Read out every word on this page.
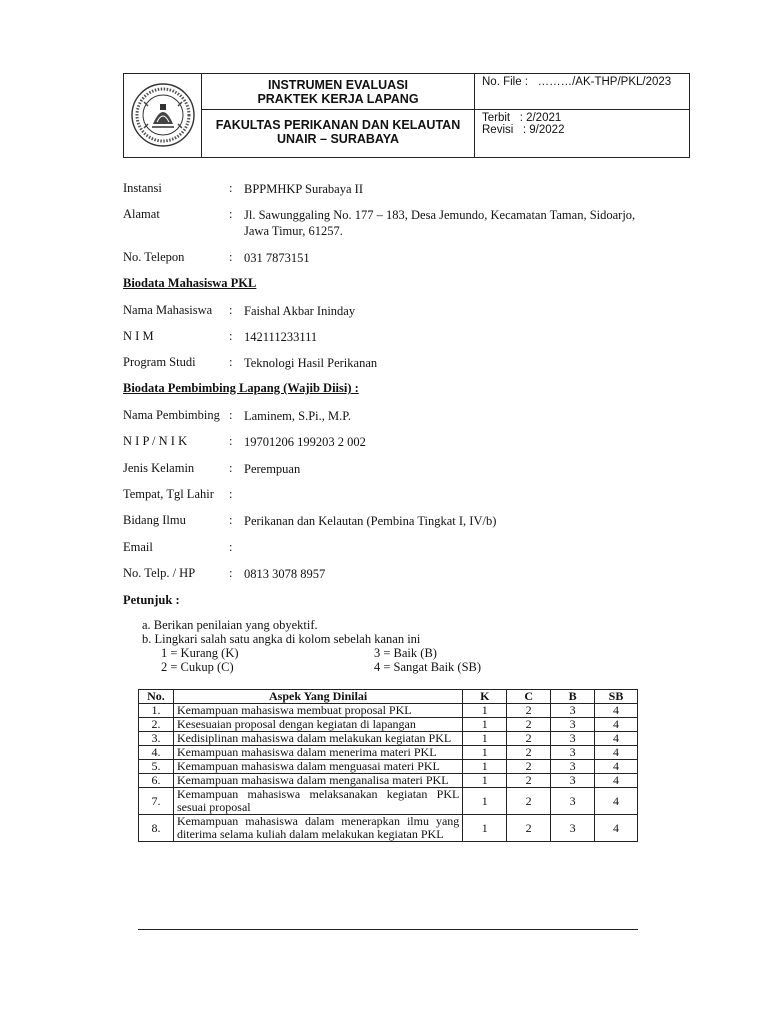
INSTRUMEN EVALUASI
PRAKTEK KERJA LAPANG
FAKULTAS PERIKANAN DAN KELAUTAN
UNAIR – SURABAYA
No. File :   ………/AK-THP/PKL/2023
Terbit   : 2/2021
Revisi   : 9/2022
Instansi	: BPPMHKP Surabaya II
Alamat	: Jl. Sawunggaling No. 177 – 183, Desa Jemundo, Kecamatan Taman, Sidoarjo, Jawa Timur, 61257.
No. Telepon	: 031 7873151
Biodata Mahasiswa PKL
Nama Mahasiswa : Faishal Akbar Ininday
N I M	: 142111233111
Program Studi	: Teknologi Hasil Perikanan
Biodata Pembimbing Lapang (Wajib Diisi) :
Nama Pembimbing : Laminem, S.Pi., M.P.
N I P / N I K	: 19701206 199203 2 002
Jenis Kelamin	: Perempuan
Tempat, Tgl Lahir :
Bidang Ilmu	: Perikanan dan Kelautan (Pembina Tingkat I, IV/b)
Email	:
No. Telp. / HP	: 0813 3078 8957
Petunjuk :
a. Berikan penilaian yang obyektif.
b. Lingkari salah satu angka di kolom sebelah kanan ini
1 = Kurang (K)
2 = Cukup (C)
3 = Baik (B)
4 = Sangat Baik (SB)
No.	Aspek Yang Dinilai	K	C	B	SB
1.	Kemampuan mahasiswa membuat proposal PKL	1	2	3	4
2.	Kesesuaian proposal dengan kegiatan di lapangan	1	2	3	4
3.	Kedisiplinan mahasiswa dalam melakukan kegiatan PKL	1	2	3	4
4.	Kemampuan mahasiswa dalam menerima materi PKL	1	2	3	4
5.	Kemampuan mahasiswa dalam menguasai materi PKL	1	2	3	4
6.	Kemampuan mahasiswa dalam menganalisa materi PKL	1	2	3	4
7.	Kemampuan mahasiswa melaksanakan kegiatan PKL sesuai proposal	1	2	3	4
8.	Kemampuan mahasiswa dalam menerapkan ilmu yang diterima selama kuliah dalam melakukan kegiatan PKL	1	2	3	4
